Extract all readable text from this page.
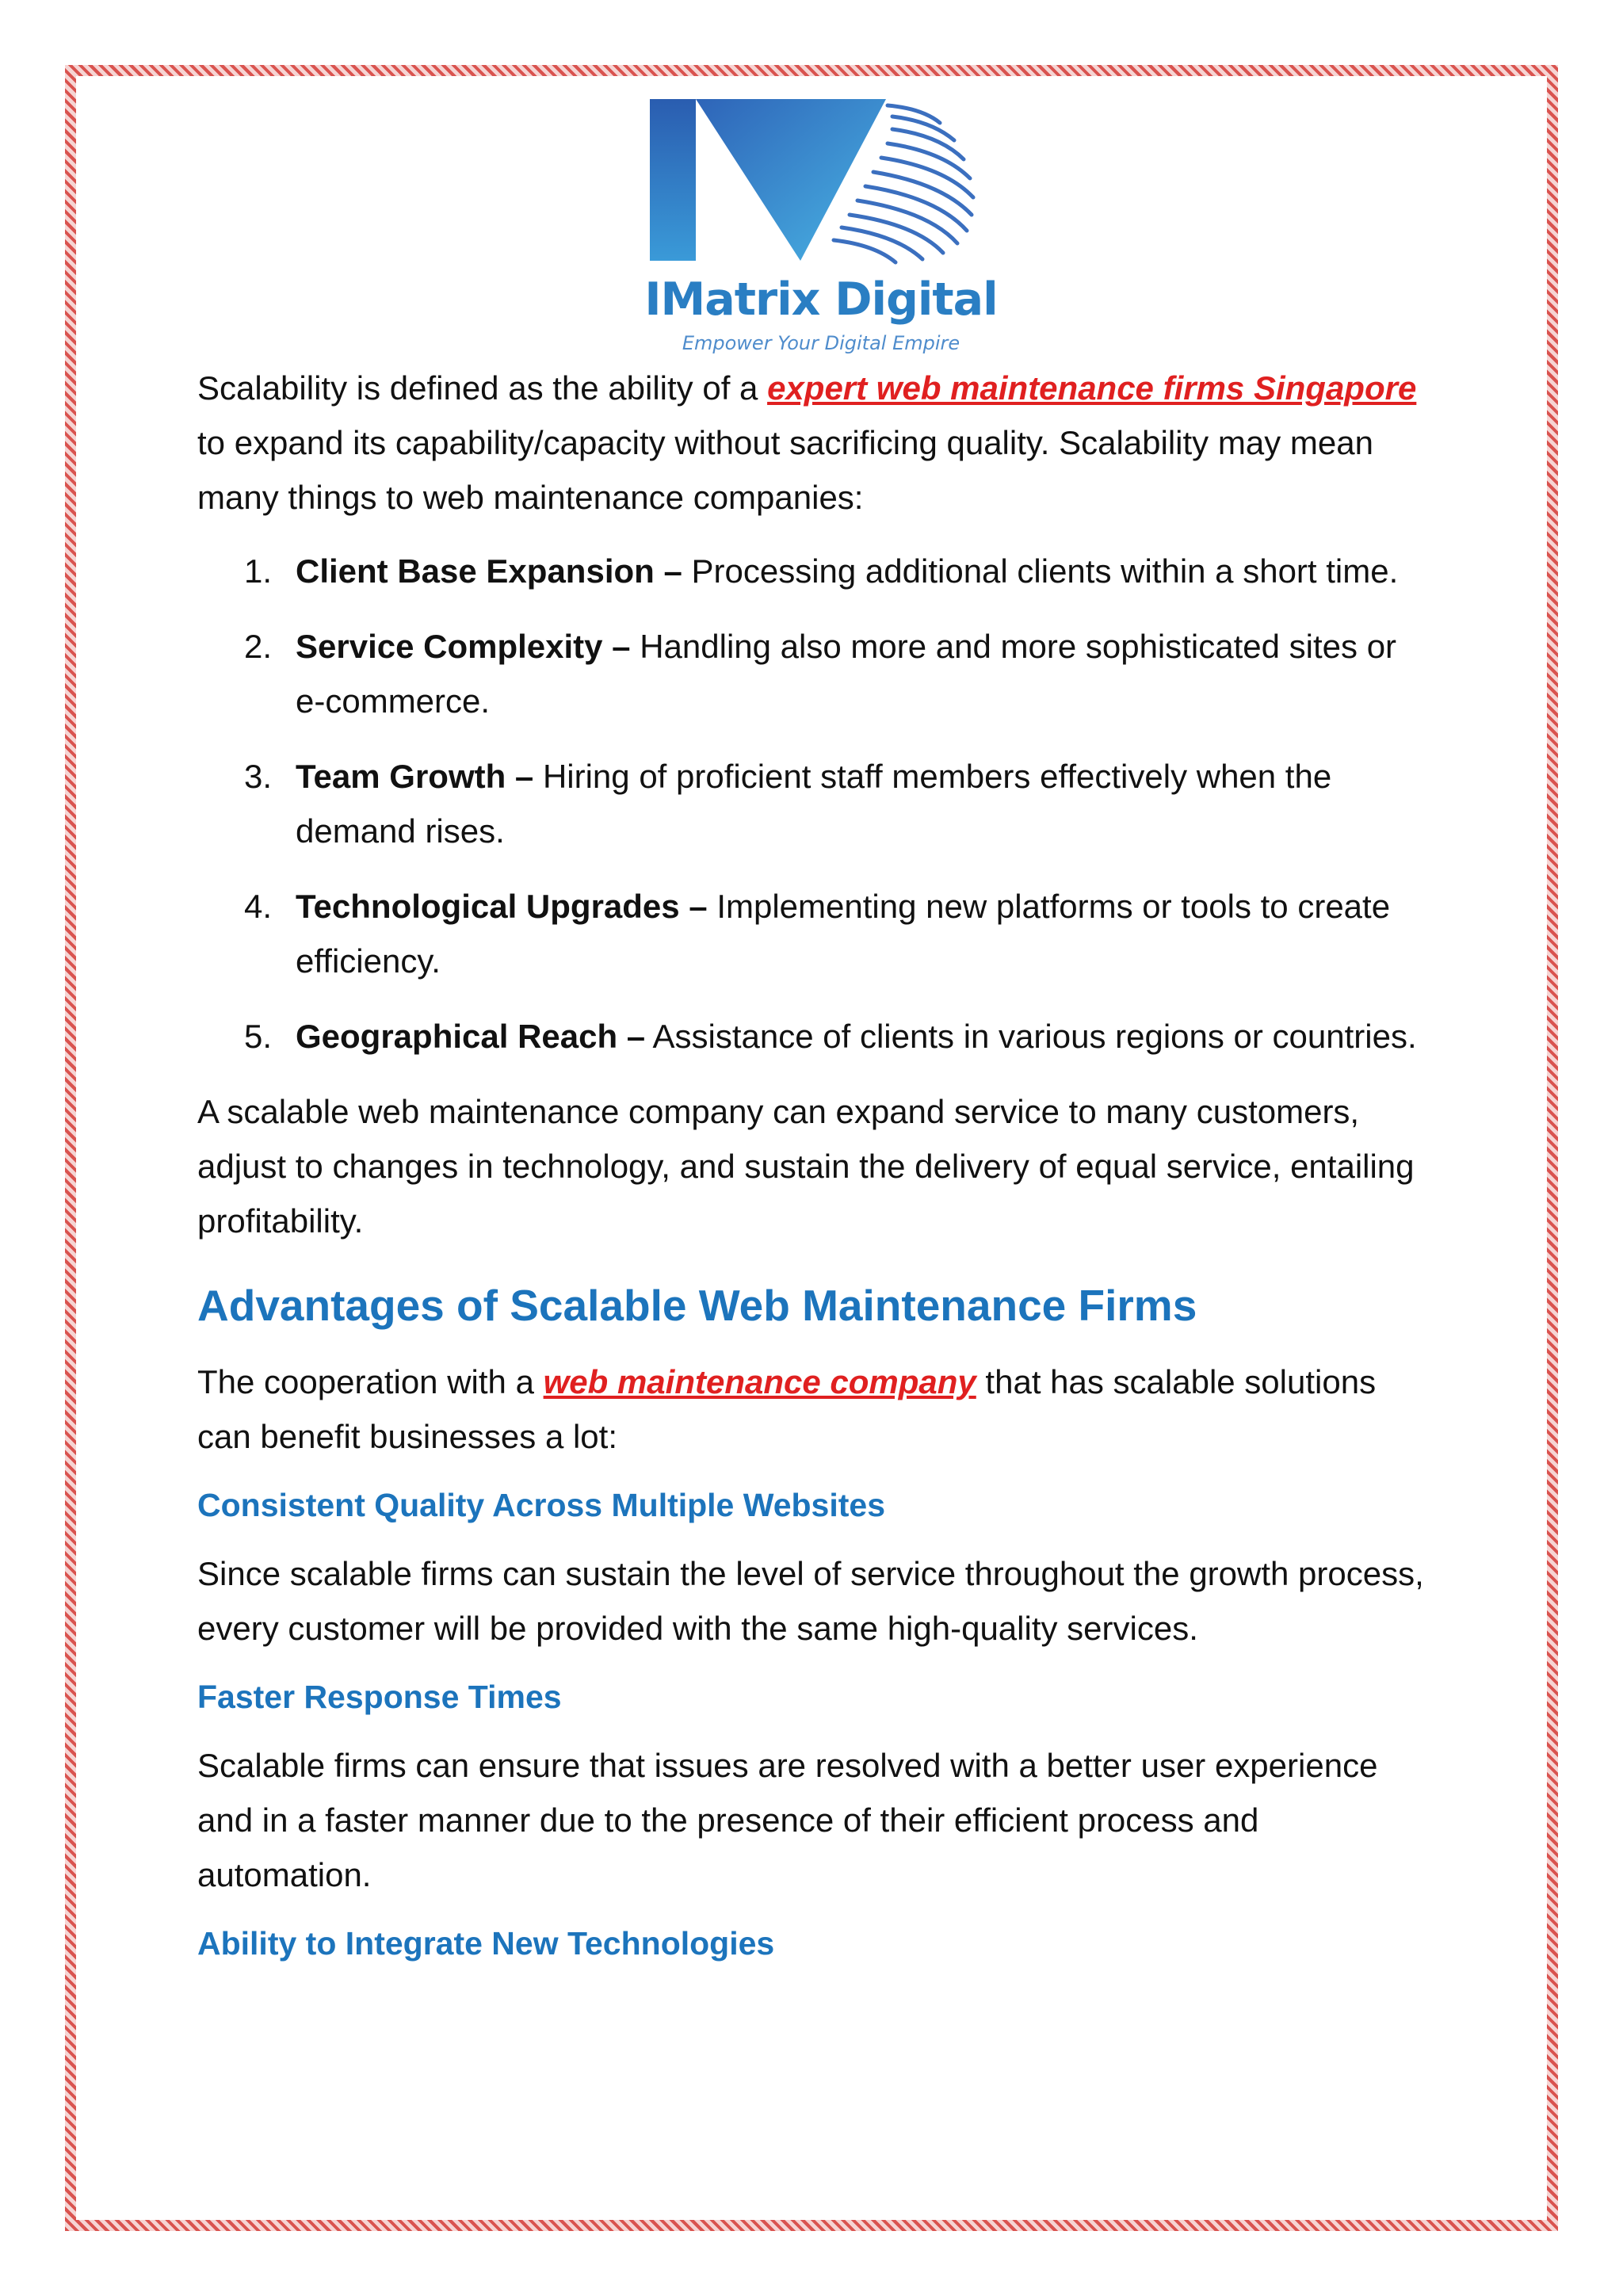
IMatrix Digital
Empower Your Digital Empire

Scalability is defined as the ability of a expert web maintenance firms Singapore to expand its capability/capacity without sacrificing quality. Scalability may mean many things to web maintenance companies:

1. Client Base Expansion – Processing additional clients within a short time.
2. Service Complexity – Handling also more and more sophisticated sites or e-commerce.
3. Team Growth – Hiring of proficient staff members effectively when the demand rises.
4. Technological Upgrades – Implementing new platforms or tools to create efficiency.
5. Geographical Reach – Assistance of clients in various regions or countries.

A scalable web maintenance company can expand service to many customers, adjust to changes in technology, and sustain the delivery of equal service, entailing profitability.

Advantages of Scalable Web Maintenance Firms

The cooperation with a web maintenance company that has scalable solutions can benefit businesses a lot:

Consistent Quality Across Multiple Websites

Since scalable firms can sustain the level of service throughout the growth process, every customer will be provided with the same high-quality services.

Faster Response Times

Scalable firms can ensure that issues are resolved with a better user experience and in a faster manner due to the presence of their efficient process and automation.

Ability to Integrate New Technologies
